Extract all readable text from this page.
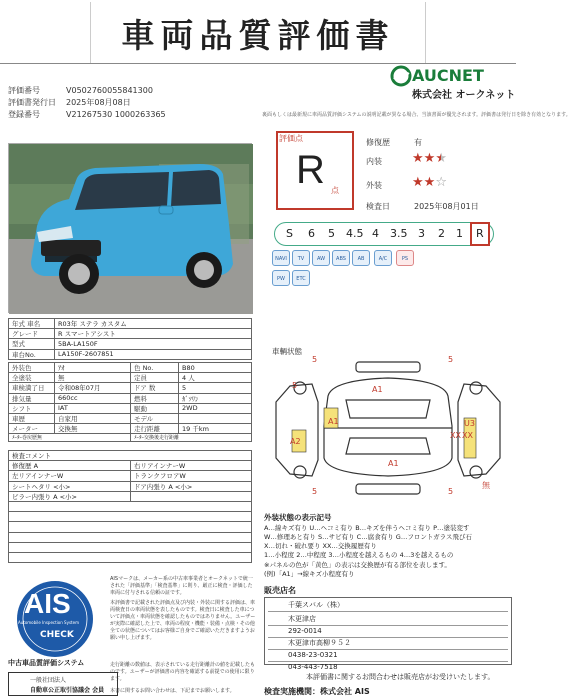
車両品質評価書
評価番号	V0502760055841300
評価書発行日 2025年08月08日
登録番号	V21267530 1000263365
AUCNET
株式会社 オークネット
裏面もしくは最新規に車両品質評価システムの説明記載が異なる場合、当該書面が優先されます。評価書は発行日を除き有効となります。
年式 車名	R03年 ステラ カスタム
グレード	R スマートアシスト
型式	5BA-LA150F
車台No.	LA150F-2607851
外装色	ｱｵ	色 No.	B80
全塗装	無	定員	4 人
車検満了日	令和08年07月	ドア 数	5
排気量	660cc	燃料	ｶﾞｿﾘﾝ
シフト	IAT	駆動	2WD
車歴	自家用	モデル	
メーター	交換無	走行距離	19 千km
ﾒｰﾀｰ巻戻歴無		ﾒｰﾀｰ交換後走行距離	
検査コメント	
修復歴 A	右リアインナーW
左リアインナーW	トランクフロアW
シートヘタリ <小>	ドア内張り A <小>
ピラー内張り A <小>	

評価点
R 点
修復歴	有
内装 ★★★
外装 ★★☆
検査日	2025年08月01日
S 6 5 4.5 4 3.5 3 2 1 R
NAVI	TV	AW	ABS	AB	A/C	PS
PW	ETC
車輌状態
5	5
5	A1
A1
A2
A1
U3
XX XX
5	5
無
外装状態の表示記号
A…線キズ有り U…ヘコミ有り B…キズを伴うヘコミ有り P…塗装変す
W…修理あと有り S…サビ有り C…腐食有り G…フロントガラス飛び石
X…切れ・破れ要り XX…交換履歴有り
1…小程度 2…中程度 3…小程度を越えるもの 4…3を越えるもの
※パネルの色が「黄色」の表示は交換歴が有る部位を表します。
(例)「A1」→線キズ小程度有り
販売店名
千葉スバル（株）
木更津店
292-0014
木更津市高柳９５２
0438-23-0321
043-443-7518
AIS
Automobile Inspection System
CHECK
中古車品質評価システム
一般社団法人
自動車公正取引協議会 会員
AISマークは、メーカー系の中古車事業者とオークネットで統一された「評価基準」「検査基準」に則り、厳正に検査・評価した車両に付与される信頼の証です。
本評価書で記載された評価点及び内装・外装に関する評価は、車両検査日の車両状態を表したものです。検査日に検査した車について評価点・車両状態を確認したものではありません。ユーザーが実際に確認した上で、車両の程度・機能・装備・点検・その他全ての状態についてはお客様ご自身でご確認いただきますようお願い申し上げます。
走行距離の数値は、表示されている走行距離計の値を記載したものです。ユーザーが評価書の内容を確認する前提での使用に限ります。
本書に関するお問い合わせは、下記までお願いします。
本評価書に関するお問合わせは販売店がお受けいたします。
検査実施機関：株式会社 AIS
